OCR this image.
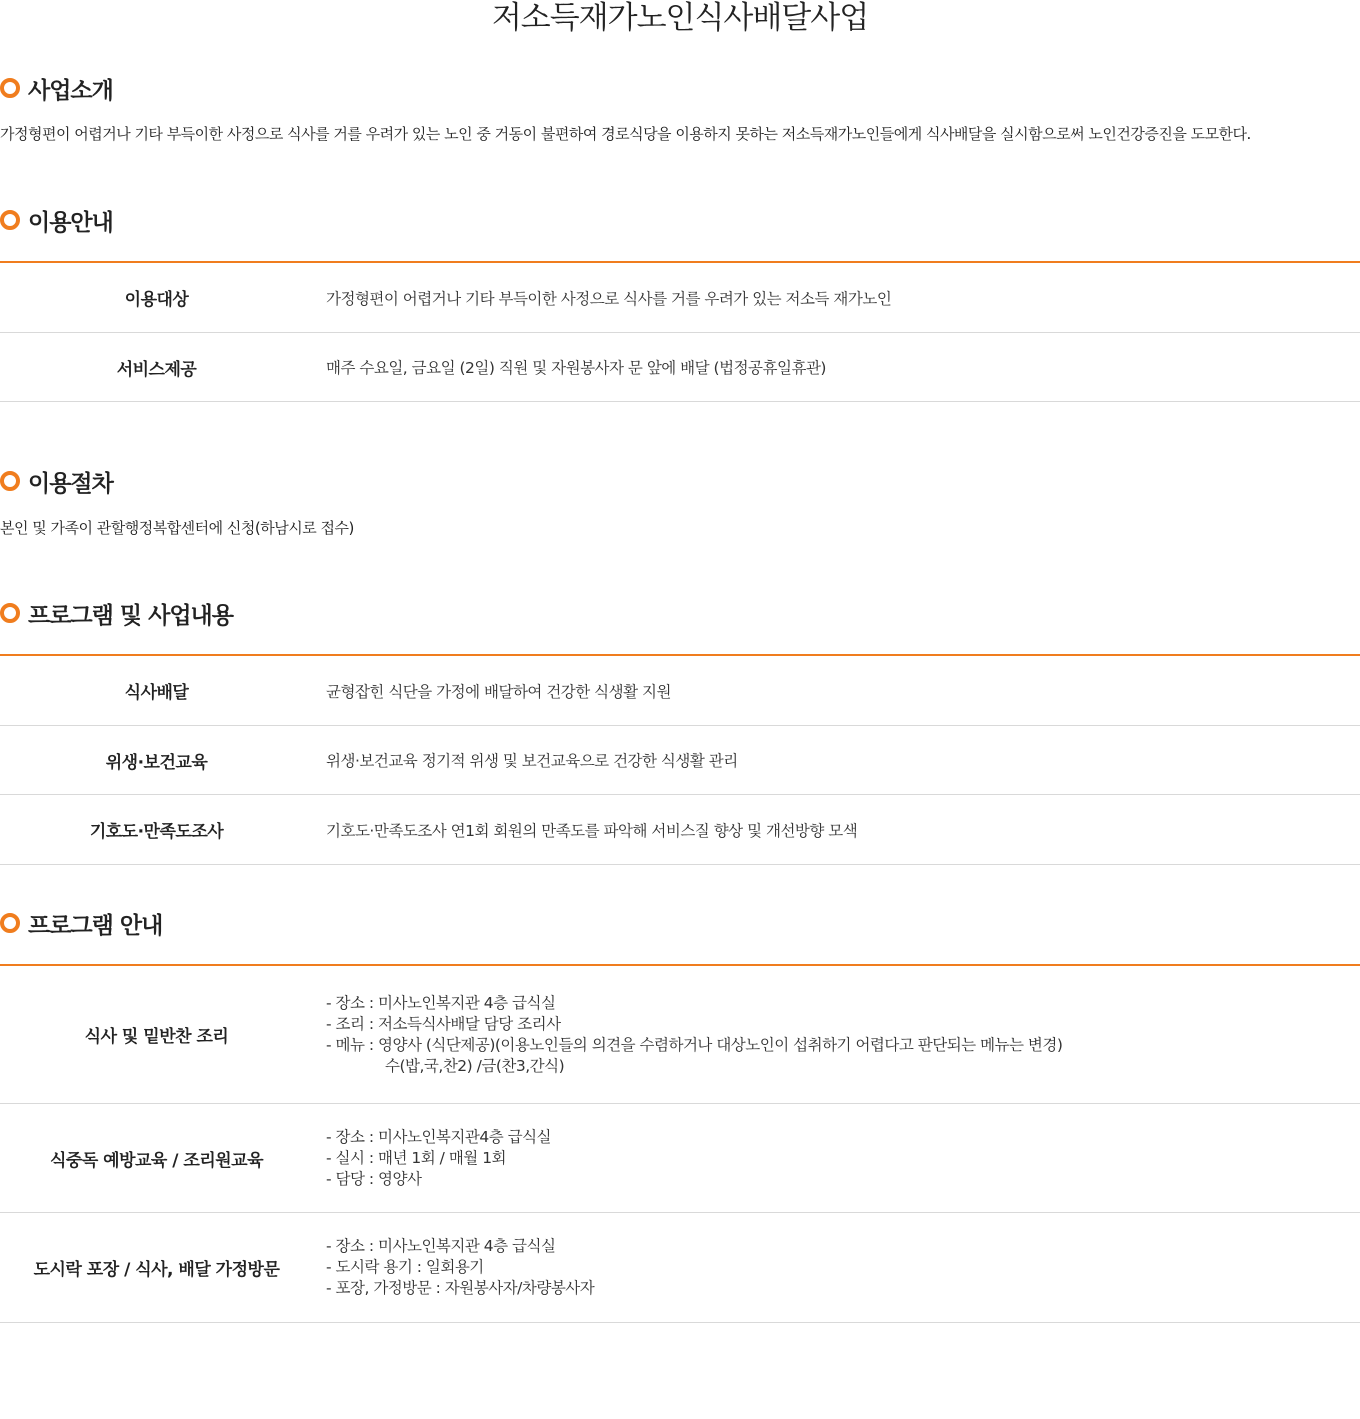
저소득재가노인식사배달사업
사업소개
가정형편이 어렵거나 기타 부득이한 사정으로 식사를 거를 우려가 있는 노인 중 거동이 불편하여 경로식당을 이용하지 못하는 저소득재가노인들에게 식사배달을 실시함으로써 노인건강증진을 도모한다.
이용안내
이용대상	가정형편이 어렵거나 기타 부득이한 사정으로 식사를 거를 우려가 있는 저소득 재가노인
서비스제공	매주 수요일, 금요일 (2일) 직원 및 자원봉사자 문 앞에 배달 (법정공휴일휴관)
이용절차
본인 및 가족이 관할행정복합센터에 신청(하남시로 접수)
프로그램 및 사업내용
식사배달	균형잡힌 식단을 가정에 배달하여 건강한 식생활 지원
위생·보건교육	위생·보건교육 정기적 위생 및 보건교육으로 건강한 식생활 관리
기호도·만족도조사	기호도·만족도조사 연1회 회원의 만족도를 파악해 서비스질 향상 및 개선방향 모색
프로그램 안내
식사 및 밑반찬 조리
- 장소 : 미사노인복지관 4층 급식실
- 조리 : 저소득식사배달 담당 조리사
- 메뉴 : 영양사 (식단제공)(이용노인들의 의견을 수렴하거나 대상노인이 섭취하기 어렵다고 판단되는 메뉴는 변경)
수(밥,국,찬2) /금(찬3,간식)
식중독 예방교육 / 조리원교육
- 장소 : 미사노인복지관4층 급식실
- 실시 : 매년 1회 / 매월 1회
- 담당 : 영양사
도시락 포장 / 식사, 배달 가정방문
- 장소 : 미사노인복지관 4층 급식실
- 도시락 용기 : 일회용기
- 포장, 가정방문 : 자원봉사자/차량봉사자
